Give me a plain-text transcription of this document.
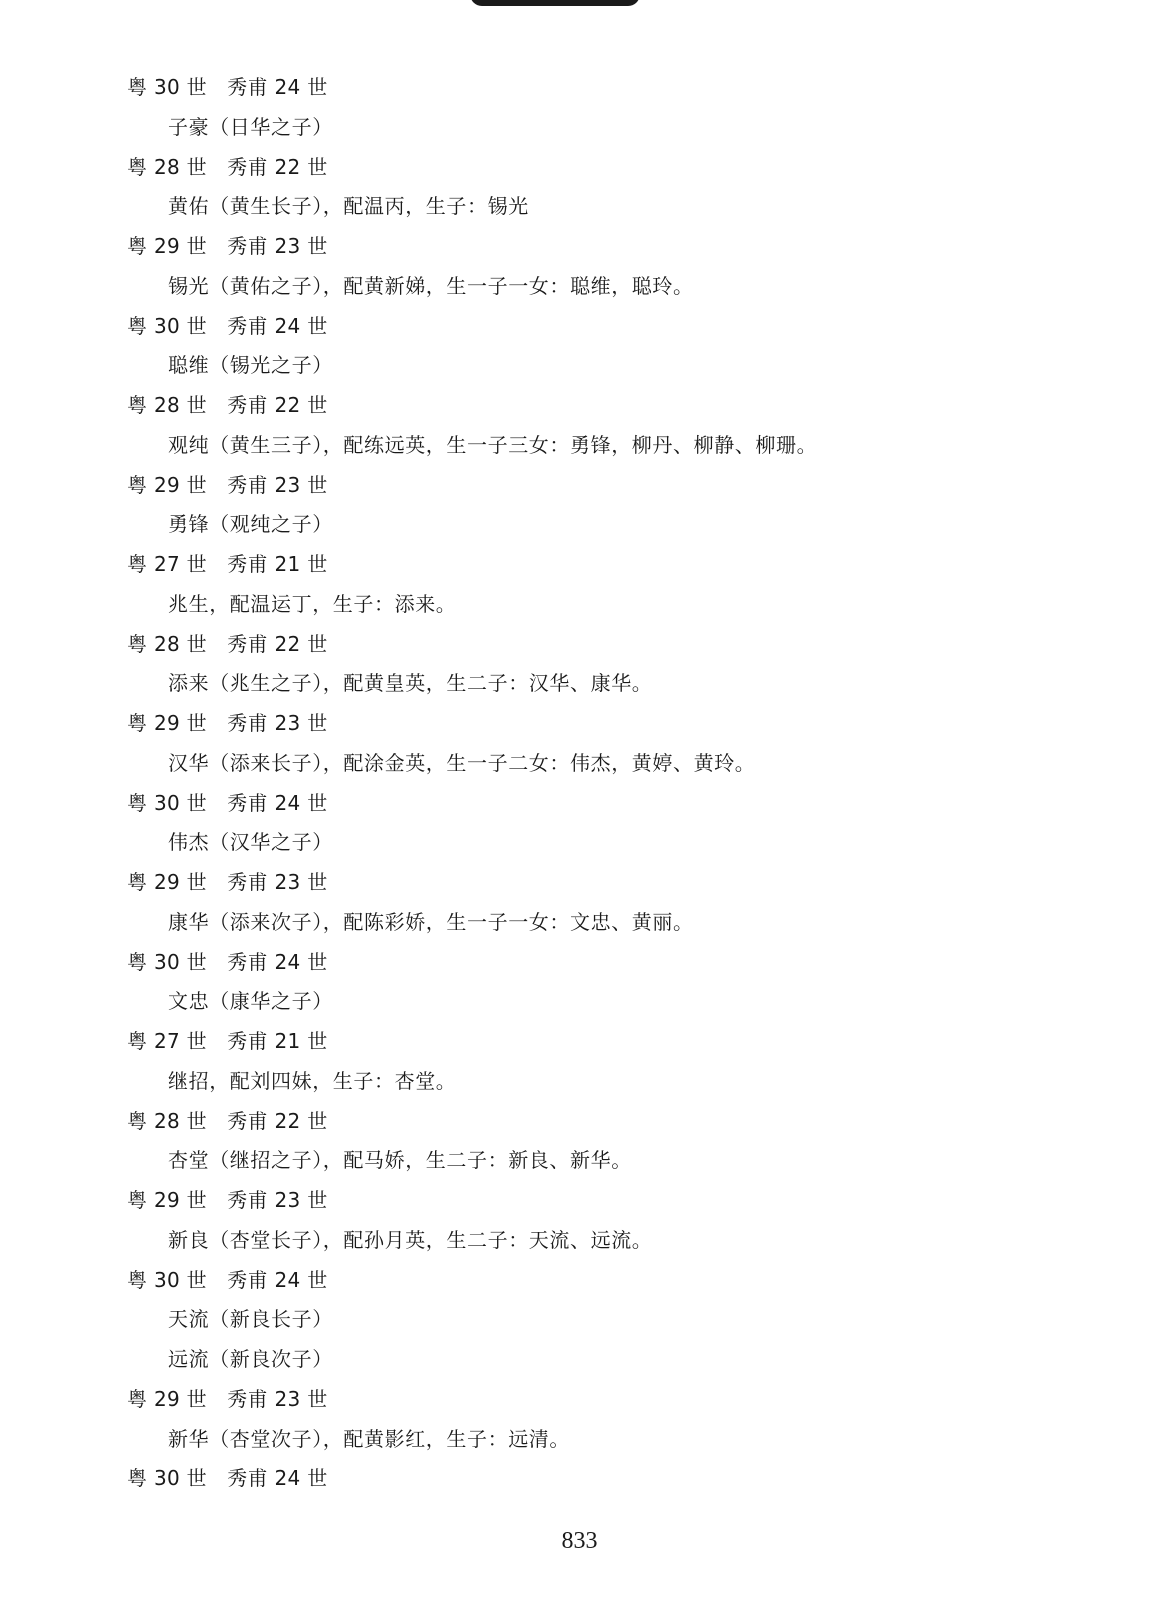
粤 30 世　秀甫 24 世
子豪（日华之子）
粤 28 世　秀甫 22 世
黄佑（黄生长子），配温丙，生子：锡光
粤 29 世　秀甫 23 世
锡光（黄佑之子），配黄新娣，生一子一女：聪维，聪玲。
粤 30 世　秀甫 24 世
聪维（锡光之子）
粤 28 世　秀甫 22 世
观纯（黄生三子），配练远英，生一子三女：勇锋，柳丹、柳静、柳珊。
粤 29 世　秀甫 23 世
勇锋（观纯之子）
粤 27 世　秀甫 21 世
兆生，配温运丁，生子：添来。
粤 28 世　秀甫 22 世
添来（兆生之子），配黄皇英，生二子：汉华、康华。
粤 29 世　秀甫 23 世
汉华（添来长子），配涂金英，生一子二女：伟杰，黄婷、黄玲。
粤 30 世　秀甫 24 世
伟杰（汉华之子）
粤 29 世　秀甫 23 世
康华（添来次子），配陈彩娇，生一子一女：文忠、黄丽。
粤 30 世　秀甫 24 世
文忠（康华之子）
粤 27 世　秀甫 21 世
继招，配刘四妹，生子：杏堂。
粤 28 世　秀甫 22 世
杏堂（继招之子），配马娇，生二子：新良、新华。
粤 29 世　秀甫 23 世
新良（杏堂长子），配孙月英，生二子：天流、远流。
粤 30 世　秀甫 24 世
天流（新良长子）
远流（新良次子）
粤 29 世　秀甫 23 世
新华（杏堂次子），配黄影红，生子：远清。
粤 30 世　秀甫 24 世
833
